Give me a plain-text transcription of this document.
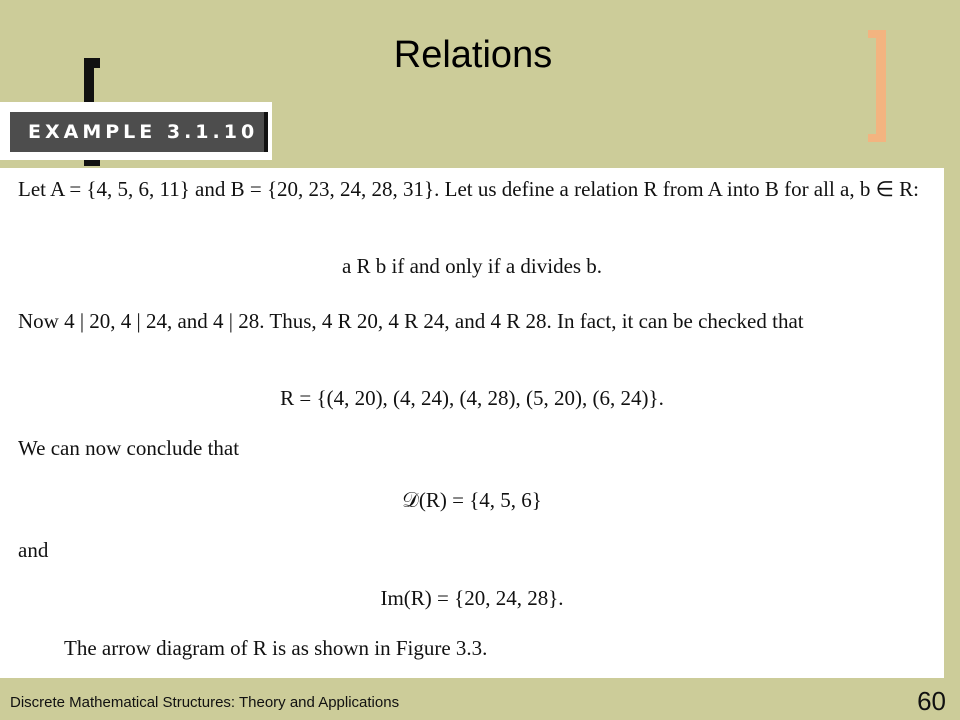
Relations
EXAMPLE 3.1.10
Let A = {4, 5, 6, 11} and B = {20, 23, 24, 28, 31}. Let us define a relation R from A into B for all a, b ∈ R:
a R b if and only if a divides b.
Now 4 | 20, 4 | 24, and 4 | 28. Thus, 4 R 20, 4 R 24, and 4 R 28. In fact, it can be checked that
R = {(4, 20), (4, 24), (4, 28), (5, 20), (6, 24)}.
We can now conclude that
𝒟(R) = {4, 5, 6}
and
Im(R) = {20, 24, 28}.
The arrow diagram of R is as shown in Figure 3.3.
Discrete Mathematical Structures: Theory and Applications	60
